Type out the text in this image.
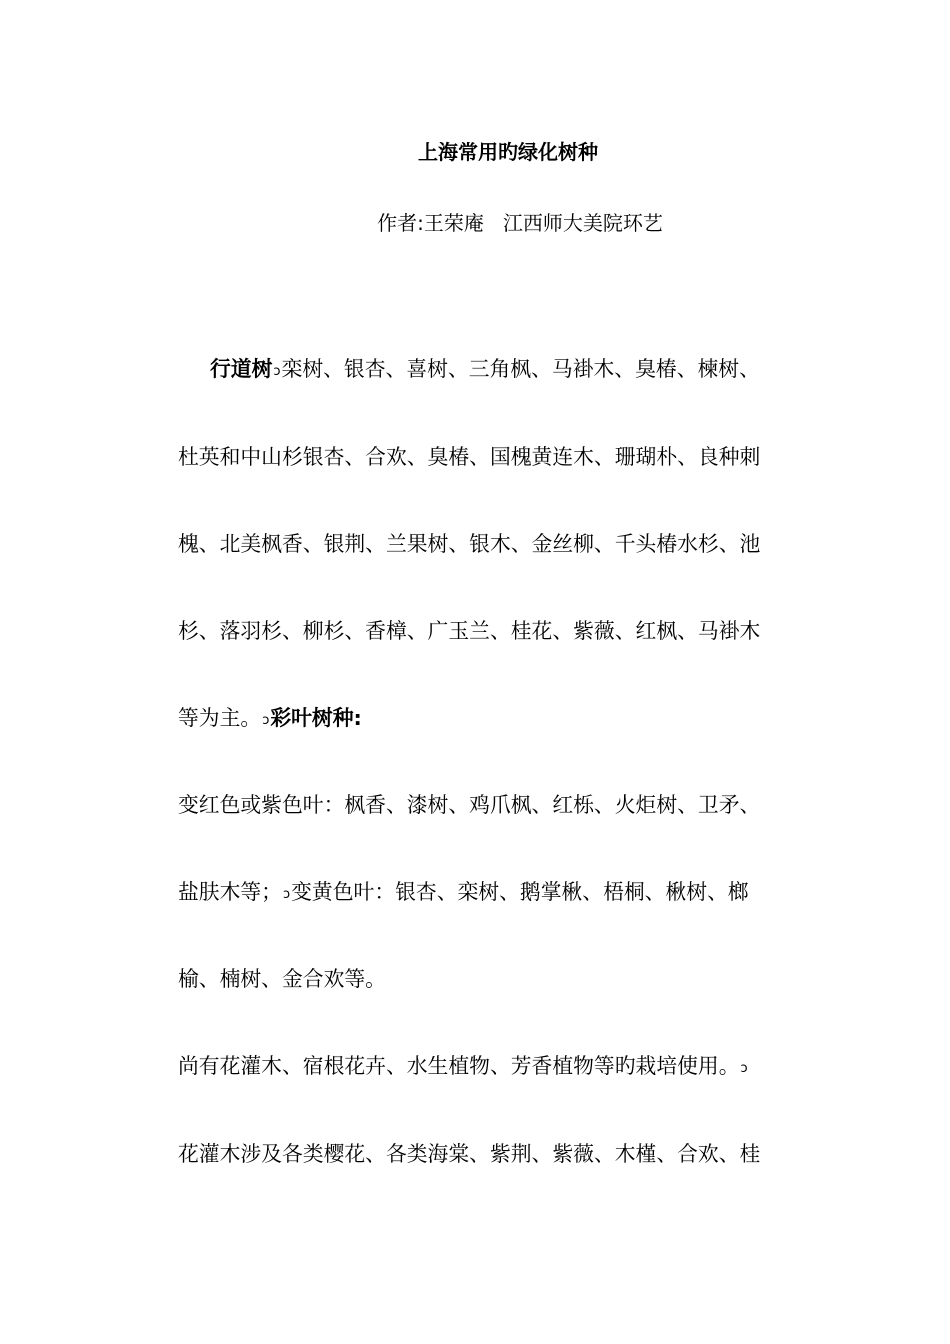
上海常用旳绿化树种
作者:王荣庵   江西师大美院环艺
行道树ↄ栾树、银杏、喜树、三角枫、马褂木、臭椿、楝树、
杜英和中山杉银杏、合欢、臭椿、国槐黄连木、珊瑚朴、良种刺
槐、北美枫香、银荆、兰果树、银木、金丝柳、千头椿水杉、池
杉、落羽杉、柳杉、香樟、广玉兰、桂花、紫薇、红枫、马褂木
等为主。ↄ彩叶树种:
变红色或紫色叶：枫香、漆树、鸡爪枫、红栎、火炬树、卫矛、
盐肤木等；ↄ变黄色叶：银杏、栾树、鹅掌楸、梧桐、楸树、榔
榆、楠树、金合欢等。
尚有花灌木、宿根花卉、水生植物、芳香植物等旳栽培使用。ↄ
花灌木涉及各类樱花、各类海棠、紫荆、紫薇、木槿、合欢、桂
